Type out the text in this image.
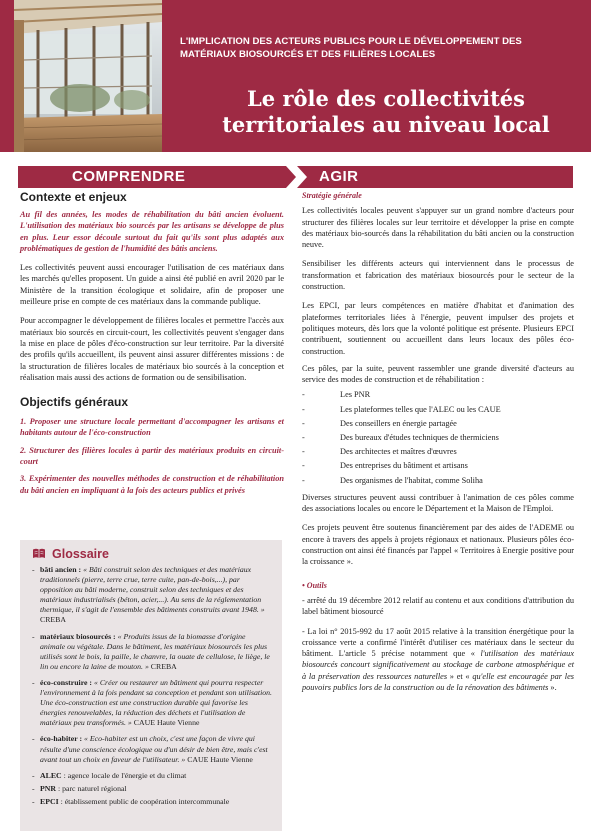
L'IMPLICATION DES ACTEURS PUBLICS POUR LE DÉVELOPPEMENT DES MATÉRIAUX BIOSOURCÉS ET DES FILIÈRES LOCALES
Le rôle des collectivités territoriales au niveau local
COMPRENDRE	AGIR
Contexte et enjeux

Au fil des années, les modes de réhabilitation du bâti ancien évoluent. L'utilisation des matériaux bio sourcés par les artisans se développe de plus en plus. Leur essor découle surtout du fait qu'ils sont plus adaptés aux problématiques de gestion de l'humidité des bâtis anciens.

Les collectivités peuvent aussi encourager l'utilisation de ces matériaux dans les marchés qu'elles proposent. Un guide a ainsi été publié en avril 2020 par le Ministère de la transition écologique et solidaire, afin de proposer une meilleure prise en compte de ces matériaux dans la commande publique.

Pour accompagner le développement de filières locales et permettre l'accès aux matériaux bio sourcés en circuit-court, les collectivités peuvent s'engager dans la mise en place de pôles d'éco-construction sur leur territoire. Par la diversité des profils qu'ils accueillent, ils peuvent ainsi assurer différentes missions : de la structuration de filières locales de matériaux bio sourcés à la conception et réalisation mais aussi des actions de formation ou de sensibilisation.

Objectifs généraux

1. Proposer une structure locale permettant d'accompagner les artisans et habitants autour de l'éco-construction

2. Structurer des filières locales à partir des matériaux produits en circuit-court

3. Expérimenter des nouvelles méthodes de construction et de réhabilitation du bâti ancien en impliquant à la fois des acteurs publics et privés

Glossaire
- bâti ancien : « Bâti construit selon des techniques et des matériaux traditionnels (pierre, terre crue, terre cuite, pan-de-bois,...), par opposition au bâti moderne, construit selon des techniques et des matériaux industrialisés (béton, acier,...). Au sens de la réglementation thermique, il s'agit de l'ensemble des bâtiments construits avant 1948. » CREBA
- matériaux biosourcés : « Produits issus de la biomasse d'origine animale ou végétale. Dans le bâtiment, les matériaux biosourcés les plus utilisés sont le bois, la paille, le chanvre, la ouate de cellulose, le liège, le lin ou encore la laine de mouton. » CREBA
- éco-construire : « Créer ou restaurer un bâtiment qui pourra respecter l'environnement à la fois pendant sa conception et pendant son utilisation. Une éco-construction est une construction durable qui favorise les énergies renouvelables, la réduction des déchets et l'utilisation de matériaux peu transformés. » CAUE Haute Vienne
- éco-habiter : « Eco-habiter est un choix, c'est une façon de vivre qui résulte d'une conscience écologique ou d'un désir de bien être, mais c'est avant tout un choix en faveur de l'utilisateur. » CAUE Haute Vienne
- ALEC : agence locale de l'énergie et du climat
- PNR : parc naturel régional
- EPCI : établissement public de coopération intercommunale
Stratégie générale

Les collectivités locales peuvent s'appuyer sur un grand nombre d'acteurs pour structurer des filières locales sur leur territoire et développer la prise en compte des matériaux bio-sourcés dans la réhabilitation du bâti ancien ou la construction neuve.

Sensibiliser les différents acteurs qui interviennent dans le processus de transformation et fabrication des matériaux biosourcés pour le secteur de la construction.

Les EPCI, par leurs compétences en matière d'habitat et d'animation des plateformes territoriales liées à l'énergie, peuvent impulser des projets et politiques moteurs, dès lors que la volonté politique est présente. Plusieurs EPCI contribuent, soutiennent ou accueillent dans leurs locaux des pôles éco-construction.

Ces pôles, par la suite, peuvent rassembler une grande diversité d'acteurs au service des modes de construction et de réhabilitation :

- Les PNR
- Les plateformes telles que l'ALEC ou les CAUE
- Des conseillers en énergie partagée
- Des bureaux d'études techniques de thermiciens
- Des architectes et maîtres d'œuvres
- Des entreprises du bâtiment et artisans
- Des organismes de l'habitat, comme Soliha

Diverses structures peuvent aussi contribuer à l'animation de ces pôles comme des associations locales ou encore le Département et la Maison de l'Emploi.

Ces projets peuvent être soutenus financièrement par des aides de l'ADEME ou encore à travers des appels à projets régionaux et nationaux. Plusieurs pôles éco-construction ont ainsi été financés par l'appel « Territoires à Energie positive pour la croissance ».

• Outils

- arrêté du 19 décembre 2012 relatif au contenu et aux conditions d'attribution du label bâtiment biosourcé

- La loi n° 2015-992 du 17 août 2015 relative à la transition énergétique pour la croissance verte a confirmé l'intérêt d'utiliser ces matériaux dans le secteur du bâtiment. L'article 5 précise notamment que « l'utilisation des matériaux biosourcés concourt significativement au stockage de carbone atmosphérique et à la préservation des ressources naturelles » et « qu'elle est encouragée par les pouvoirs publics lors de la construction ou de la rénovation des bâtiments ».
